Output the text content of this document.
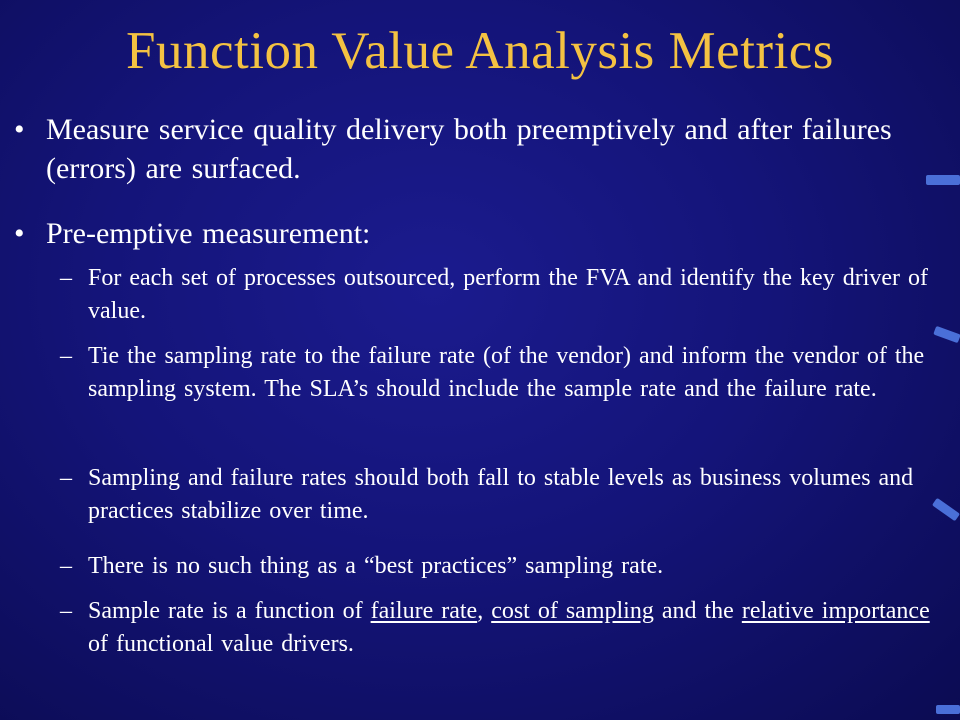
Function Value Analysis Metrics
• Measure service quality delivery both preemptively and after failures (errors) are surfaced.
• Pre-emptive measurement:
– For each set of processes outsourced, perform the FVA and identify the key driver of value.
– Tie the sampling rate to the failure rate (of the vendor) and inform the vendor of the sampling system. The SLA’s should include the sample rate and the failure rate.
– Sampling and failure rates should both fall to stable levels as business volumes and practices stabilize over time.
– There is no such thing as a “best practices” sampling rate.
– Sample rate is a function of failure rate, cost of sampling and the relative importance of functional value drivers.
